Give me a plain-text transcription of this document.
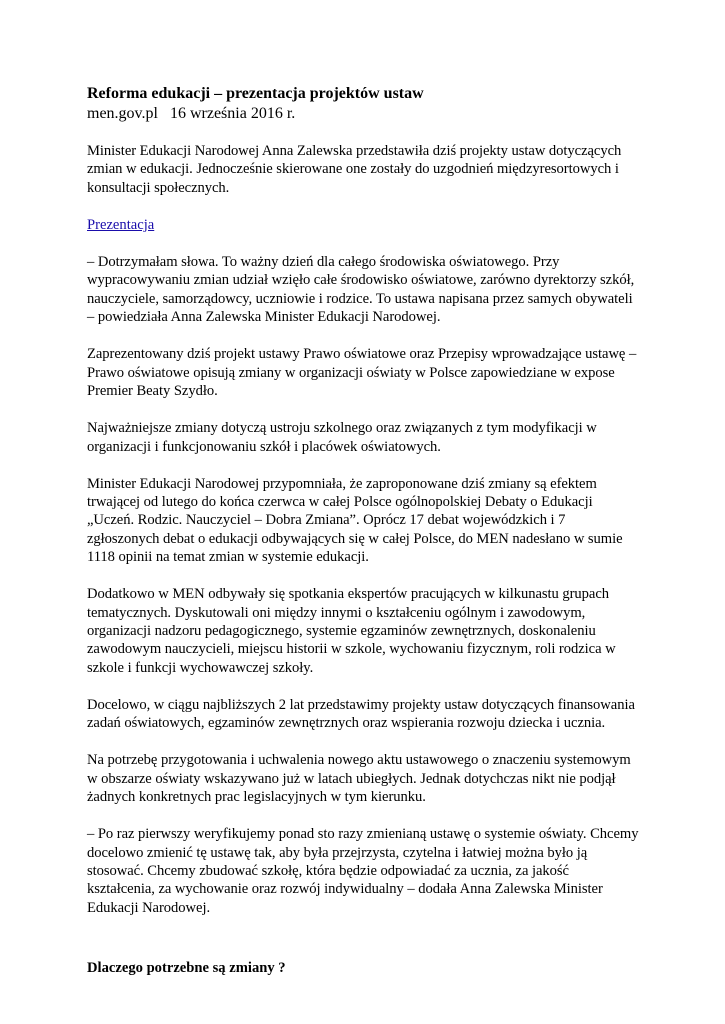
Reforma edukacji – prezentacja projektów ustaw
men.gov.pl 16 września 2016 r.

Minister Edukacji Narodowej Anna Zalewska przedstawiła dziś projekty ustaw dotyczących zmian w edukacji. Jednocześnie skierowane one zostały do uzgodnień międzyresortowych i konsultacji społecznych.

Prezentacja

– Dotrzymałam słowa. To ważny dzień dla całego środowiska oświatowego. Przy wypracowywaniu zmian udział wzięło całe środowisko oświatowe, zarówno dyrektorzy szkół, nauczyciele, samorządowcy, uczniowie i rodzice. To ustawa napisana przez samych obywateli – powiedziała Anna Zalewska Minister Edukacji Narodowej.

Zaprezentowany dziś projekt ustawy Prawo oświatowe oraz Przepisy wprowadzające ustawę – Prawo oświatowe opisują zmiany w organizacji oświaty w Polsce zapowiedziane w expose Premier Beaty Szydło.

Najważniejsze zmiany dotyczą ustroju szkolnego oraz związanych z tym modyfikacji w organizacji i funkcjonowaniu szkół i placówek oświatowych.

Minister Edukacji Narodowej przypomniała, że zaproponowane dziś zmiany są efektem trwającej od lutego do końca czerwca w całej Polsce ogólnopolskiej Debaty o Edukacji „Uczeń. Rodzic. Nauczyciel – Dobra Zmiana”. Oprócz 17 debat wojewódzkich i 7 zgłoszonych debat o edukacji odbywających się w całej Polsce, do MEN nadesłano w sumie 1118 opinii na temat zmian w systemie edukacji.

Dodatkowo w MEN odbywały się spotkania ekspertów pracujących w kilkunastu grupach tematycznych. Dyskutowali oni między innymi o kształceniu ogólnym i zawodowym, organizacji nadzoru pedagogicznego, systemie egzaminów zewnętrznych, doskonaleniu zawodowym nauczycieli, miejscu historii w szkole, wychowaniu fizycznym, roli rodzica w szkole i funkcji wychowawczej szkoły.

Docelowo, w ciągu najbliższych 2 lat przedstawimy projekty ustaw dotyczących finansowania zadań oświatowych, egzaminów zewnętrznych oraz wspierania rozwoju dziecka i ucznia.

Na potrzebę przygotowania i uchwalenia nowego aktu ustawowego o znaczeniu systemowym w obszarze oświaty wskazywano już w latach ubiegłych. Jednak dotychczas nikt nie podjął żadnych konkretnych prac legislacyjnych w tym kierunku.

– Po raz pierwszy weryfikujemy ponad sto razy zmienianą ustawę o systemie oświaty. Chcemy docelowo zmienić tę ustawę tak, aby była przejrzysta, czytelna i łatwiej można było ją stosować. Chcemy zbudować szkołę, która będzie odpowiadać za ucznia, za jakość kształcenia, za wychowanie oraz rozwój indywidualny – dodała Anna Zalewska Minister Edukacji Narodowej.

Dlaczego potrzebne są zmiany ?
